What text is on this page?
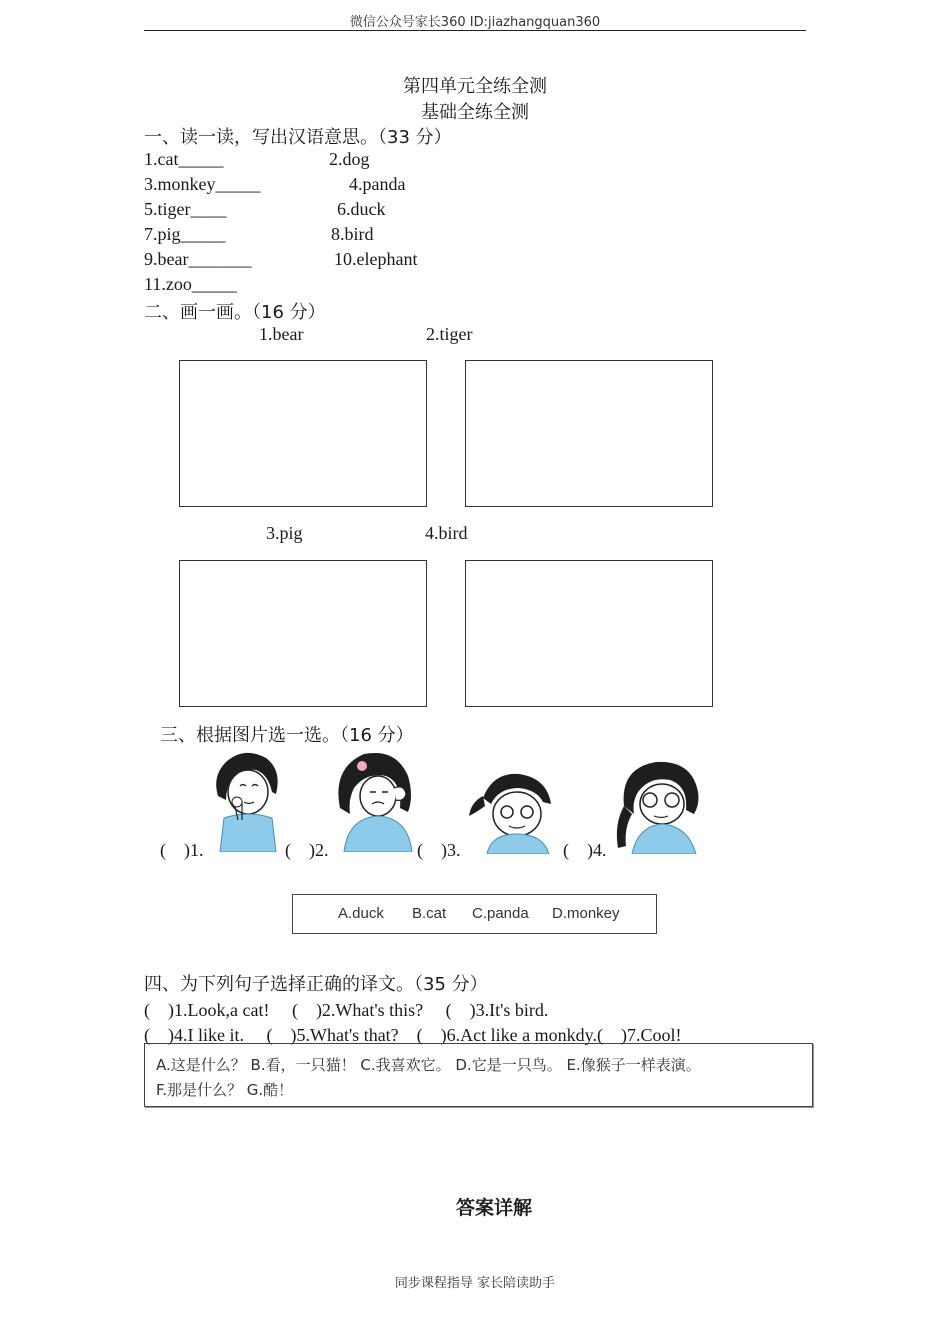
微信公众号家长360 ID:jiazhangquan360
第四单元全练全测
基础全练全测
一、读一读，写出汉语意思。（33 分）
1.cat_____	2.dog
3.monkey_____	4.panda
5.tiger____	6.duck
7.pig_____	8.bird
9.bear_______	10.elephant
11.zoo_____
二、画一画。（16 分）
1.bear	2.tiger
3.pig	4.bird
三、根据图片选一选。（16 分）
(　)1.	(　)2.	(　)3.	(　)4.
A.duck B.cat C.panda D.monkey
四、为下列句子选择正确的译文。（35 分）
(　)1.Look,a cat!　 (　)2.What's this?　 (　)3.It's bird.
(　)4.I like it.　 (　)5.What's that?　(　)6.Act like a monkdy.(　)7.Cool!
A.这是什么？ B.看，一只猫！ C.我喜欢它。 D.它是一只鸟。 E.像猴子一样表演。
F.那是什么？ G.酷！
答案详解
同步课程指导 家长陪读助手
